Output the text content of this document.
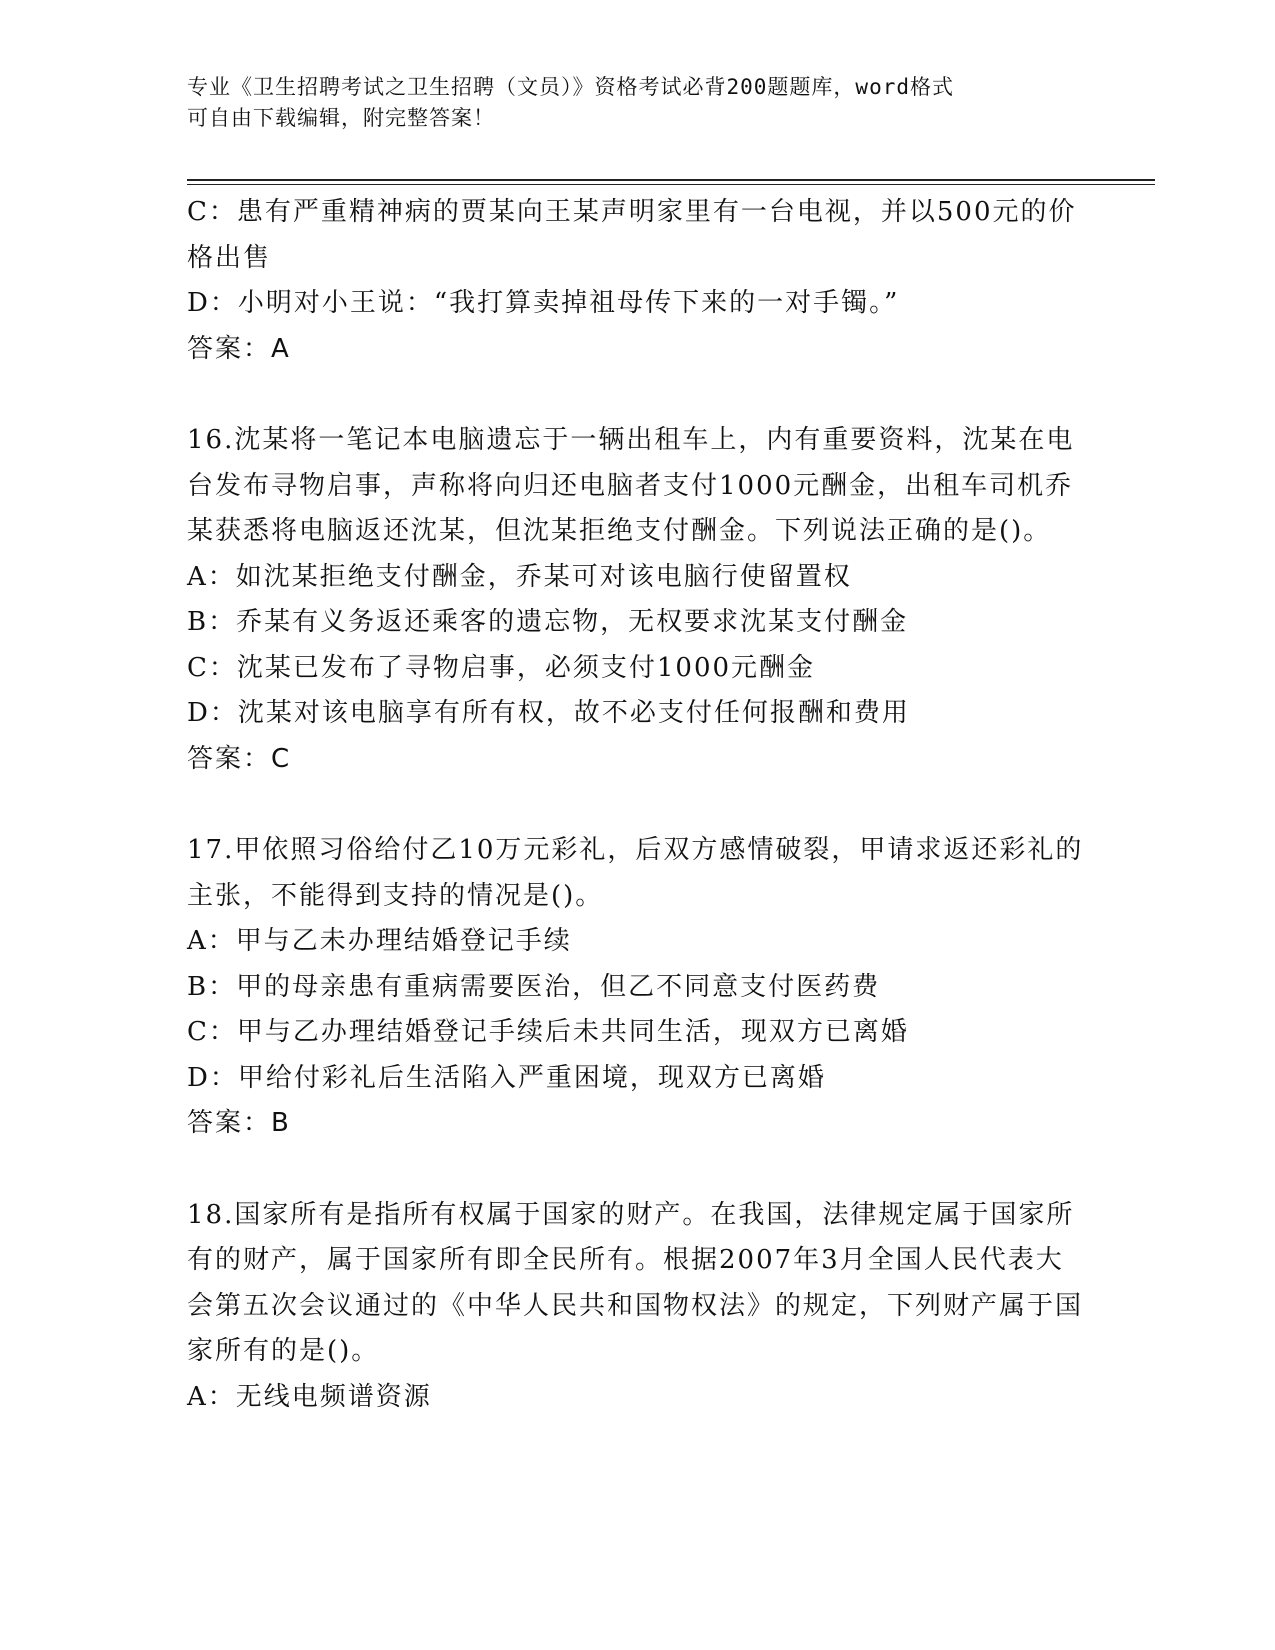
专业《卫生招聘考试之卫生招聘（文员）》资格考试必背200题题库，word格式
可自由下载编辑，附完整答案！

C：患有严重精神病的贾某向王某声明家里有一台电视，并以500元的价格出售

D：小明对小王说：“我打算卖掉祖母传下来的一对手镯。”

答案：A

16.沈某将一笔记本电脑遗忘于一辆出租车上，内有重要资料，沈某在电台发布寻物启事，声称将向归还电脑者支付1000元酬金，出租车司机乔某获悉将电脑返还沈某，但沈某拒绝支付酬金。下列说法正确的是()。

A：如沈某拒绝支付酬金，乔某可对该电脑行使留置权

B：乔某有义务返还乘客的遗忘物，无权要求沈某支付酬金

C：沈某已发布了寻物启事，必须支付1000元酬金

D：沈某对该电脑享有所有权，故不必支付任何报酬和费用

答案：C

17.甲依照习俗给付乙10万元彩礼，后双方感情破裂，甲请求返还彩礼的主张，不能得到支持的情况是()。

A：甲与乙未办理结婚登记手续

B：甲的母亲患有重病需要医治，但乙不同意支付医药费

C：甲与乙办理结婚登记手续后未共同生活，现双方已离婚

D：甲给付彩礼后生活陷入严重困境，现双方已离婚

答案：B

18.国家所有是指所有权属于国家的财产。在我国，法律规定属于国家所有的财产，属于国家所有即全民所有。根据2007年3月全国人民代表大会第五次会议通过的《中华人民共和国物权法》的规定，下列财产属于国家所有的是()。

A：无线电频谱资源
